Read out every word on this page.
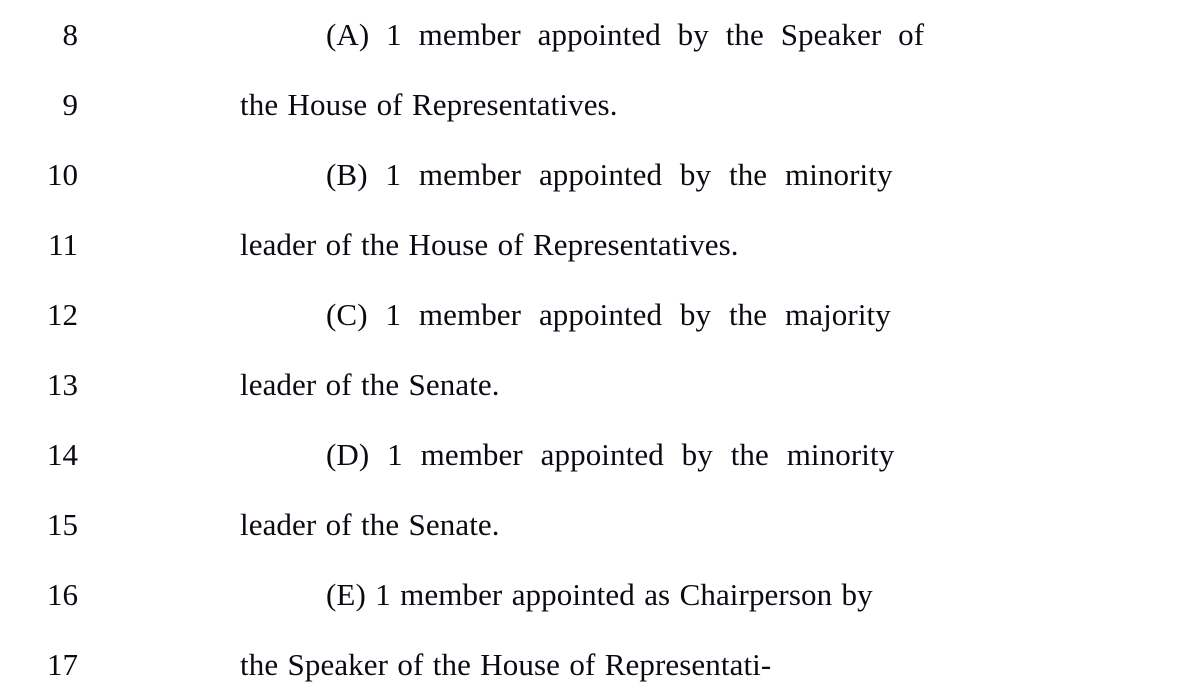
8	(A) 1 member appointed by the Speaker of
9	the House of Representatives.
10	(B) 1 member appointed by the minority
11	leader of the House of Representatives.
12	(C) 1 member appointed by the majority
13	leader of the Senate.
14	(D) 1 member appointed by the minority
15	leader of the Senate.
16	(E) 1 member appointed as Chairperson by
17	the Speaker of the House of Representati-
